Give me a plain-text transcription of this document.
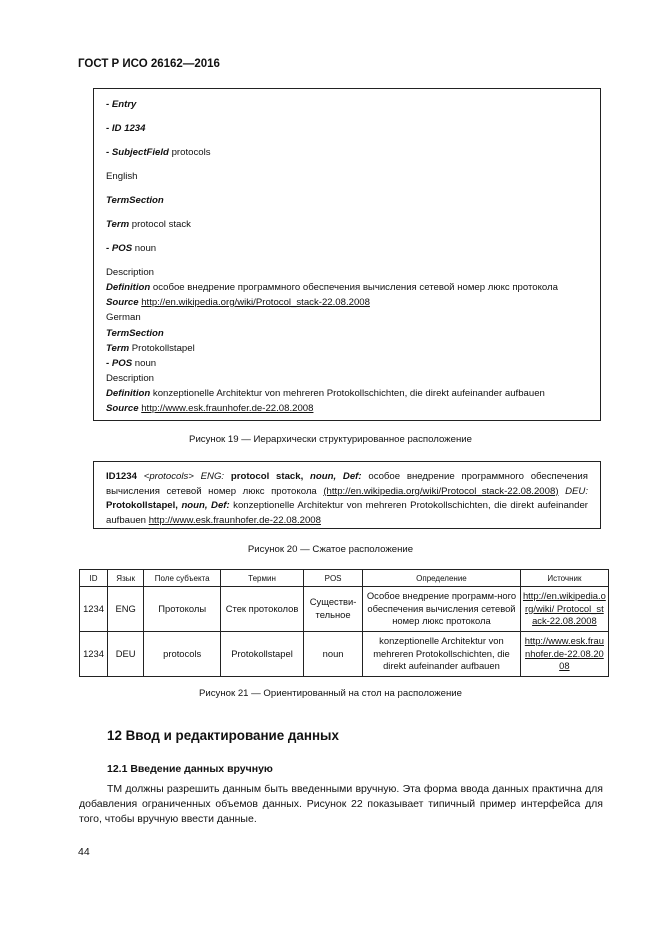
ГОСТ Р ИСО 26162—2016
- Entry
- ID 1234
- SubjectField protocols
English
TermSection
Term protocol stack
- POS noun
Description
Definition особое внедрение программного обеспечения вычисления сетевой номер люкс протокола
Source http://en.wikipedia.org/wiki/Protocol_stack-22.08.2008
German
TermSection
Term Protokollstapel
- POS noun
Description
Definition konzeptionelle Architektur von mehreren Protokollschichten, die direkt aufeinander aufbauen
Source http://www.esk.fraunhofer.de-22.08.2008
Рисунок 19 — Иерархически структурированное расположение
ID1234 <protocols> ENG: protocol stack, noun, Def: особое внедрение программного обеспечения вычисления сетевой номер люкс протокола (http://en.wikipedia.org/wiki/Protocol_stack-22.08.2008) DEU: Protokollstapel, noun, Def: konzeptionelle Architektur von mehreren Protokollschichten, die direkt aufeinander aufbauen http://www.esk.fraunhofer.de-22.08.2008
Рисунок 20 — Сжатое расположение
ID	Язык	Поле субъекта	Термин	POS	Определение	Источник
1234	ENG	Протоколы	Стек протоколов	Существи-тельное	Особое внедрение программ-ного обеспечения вычисления сетевой номер люкс протокола	http://en.wikipedia.org/wiki/ Protocol_stack-22.08.2008
1234	DEU	protocols	Protokollstapel	noun	konzeptionelle Architektur von mehreren Protokollschichten, die direkt aufeinander aufbauen	http://www.esk.fraunhofer.de-22.08.2008
Рисунок 21 — Ориентированный на стол на расположение
12 Ввод и редактирование данных
12.1 Введение данных вручную
ТМ должны разрешить данным быть введенными вручную. Эта форма ввода данных практична для добавления ограниченных объемов данных. Рисунок 22 показывает типичный пример интерфейса для того, чтобы вручную ввести данные.
44
